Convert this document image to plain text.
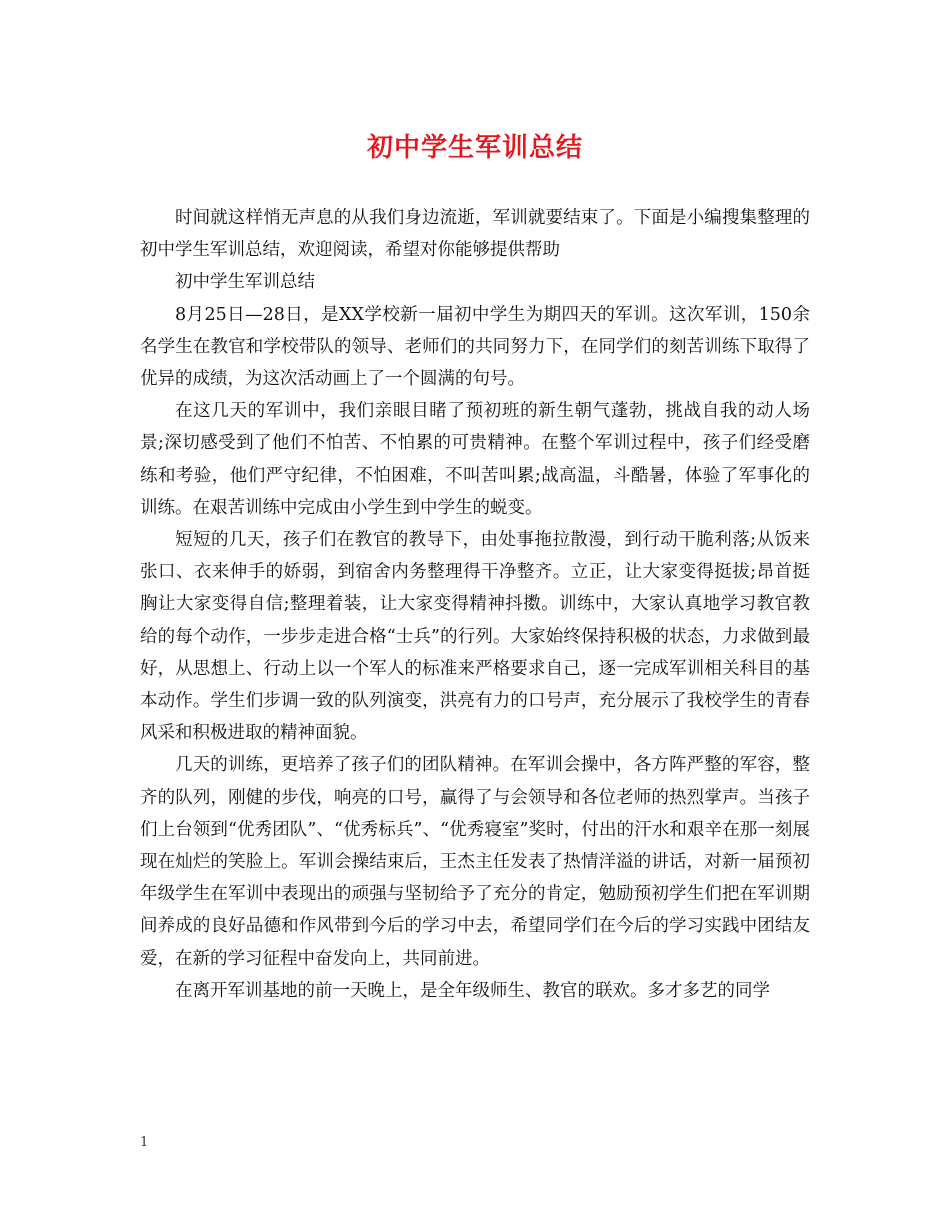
初中学生军训总结

时间就这样悄无声息的从我们身边流逝，军训就要结束了。下面是小编搜集整理的初中学生军训总结，欢迎阅读，希望对你能够提供帮助

初中学生军训总结

8月25日—28日，是XX学校新一届初中学生为期四天的军训。这次军训，150余名学生在教官和学校带队的领导、老师们的共同努力下，在同学们的刻苦训练下取得了优异的成绩，为这次活动画上了一个圆满的句号。

在这几天的军训中，我们亲眼目睹了预初班的新生朝气蓬勃，挑战自我的动人场景;深切感受到了他们不怕苦、不怕累的可贵精神。在整个军训过程中，孩子们经受磨练和考验，他们严守纪律，不怕困难，不叫苦叫累;战高温，斗酷暑，体验了军事化的训练。在艰苦训练中完成由小学生到中学生的蜕变。

短短的几天，孩子们在教官的教导下，由处事拖拉散漫，到行动干脆利落;从饭来张口、衣来伸手的娇弱，到宿舍内务整理得干净整齐。立正，让大家变得挺拔;昂首挺胸让大家变得自信;整理着装，让大家变得精神抖擞。训练中，大家认真地学习教官教给的每个动作，一步步走进合格“士兵”的行列。大家始终保持积极的状态，力求做到最好，从思想上、行动上以一个军人的标准来严格要求自己，逐一完成军训相关科目的基本动作。学生们步调一致的队列演变，洪亮有力的口号声，充分展示了我校学生的青春风采和积极进取的精神面貌。

几天的训练，更培养了孩子们的团队精神。在军训会操中，各方阵严整的军容，整齐的队列，刚健的步伐，响亮的口号，赢得了与会领导和各位老师的热烈掌声。当孩子们上台领到“优秀团队”、“优秀标兵”、“优秀寝室”奖时，付出的汗水和艰辛在那一刻展现在灿烂的笑脸上。军训会操结束后，王杰主任发表了热情洋溢的讲话，对新一届预初年级学生在军训中表现出的顽强与坚韧给予了充分的肯定，勉励预初学生们把在军训期间养成的良好品德和作风带到今后的学习中去，希望同学们在今后的学习实践中团结友爱，在新的学习征程中奋发向上，共同前进。

在离开军训基地的前一天晚上，是全年级师生、教官的联欢。多才多艺的同学

1
